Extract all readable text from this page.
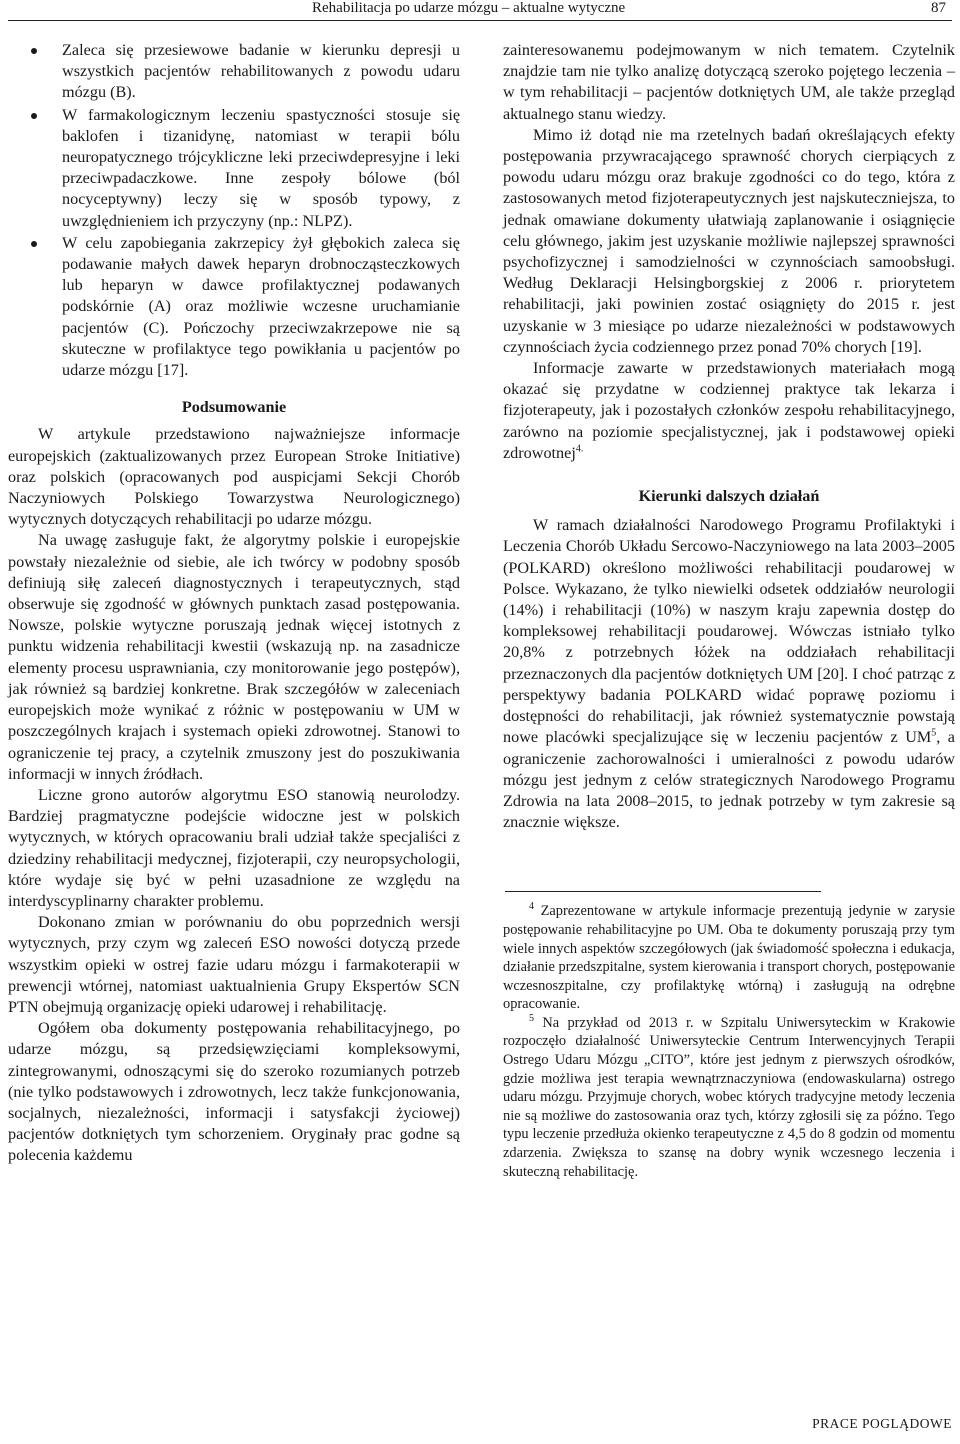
Rehabilitacja po udarze mózgu – aktualne wytyczne	87
Zaleca się przesiewowe badanie w kierunku depresji u wszystkich pacjentów rehabilitowanych z powodu udaru mózgu (B).
W farmakologicznym leczeniu spastyczności stosuje się baklofen i tizanidynę, natomiast w terapii bólu neuropatycznego trójcykliczne leki przeciwdepresyjne i leki przeciwpadaczkowe. Inne zespoły bólowe (ból nocyceptywny) leczy się w sposób typowy, z uwzględnieniem ich przyczyny (np.: NLPZ).
W celu zapobiegania zakrzepicy żył głębokich zaleca się podawanie małych dawek heparyn drobnocząsteczkowych lub heparyn w dawce profilaktycznej podawanych podskórnie (A) oraz możliwie wczesne uruchamianie pacjentów (C). Pończochy przeciwzakrzepowe nie są skuteczne w profilaktyce tego powikłania u pacjentów po udarze mózgu [17].
Podsumowanie

W artykule przedstawiono najważniejsze informacje europejskich (zaktualizowanych przez European Stroke Initiative) oraz polskich (opracowanych pod auspicjami Sekcji Chorób Naczyniowych Polskiego Towarzystwa Neurologicznego) wytycznych dotyczących rehabilitacji po udarze mózgu.

Na uwagę zasługuje fakt, że algorytmy polskie i europejskie powstały niezależnie od siebie, ale ich twórcy w podobny sposób definiują siłę zaleceń diagnostycznych i terapeutycznych, stąd obserwuje się zgodność w głównych punktach zasad postępowania. Nowsze, polskie wytyczne poruszają jednak więcej istotnych z punktu widzenia rehabilitacji kwestii (wskazują np. na zasadnicze elementy procesu usprawniania, czy monitorowanie jego postępów), jak również są bardziej konkretne. Brak szczegółów w zaleceniach europejskich może wynikać z różnic w postępowaniu w UM w poszczególnych krajach i systemach opieki zdrowotnej. Stanowi to ograniczenie tej pracy, a czytelnik zmuszony jest do poszukiwania informacji w innych źródłach.

Liczne grono autorów algorytmu ESO stanowią neurolodzy. Bardziej pragmatyczne podejście widoczne jest w polskich wytycznych, w których opracowaniu brali udział także specjaliści z dziedziny rehabilitacji medycznej, fizjoterapii, czy neuropsychologii, które wydaje się być w pełni uzasadnione ze względu na interdyscyplinarny charakter problemu.

Dokonano zmian w porównaniu do obu poprzednich wersji wytycznych, przy czym wg zaleceń ESO nowości dotyczą przede wszystkim opieki w ostrej fazie udaru mózgu i farmakoterapii w prewencji wtórnej, natomiast uaktualnienia Grupy Ekspertów SCN PTN obejmują organizację opieki udarowej i rehabilitację.

Ogółem oba dokumenty postępowania rehabilitacyjnego, po udarze mózgu, są przedsięwzięciami kompleksowymi, zintegrowanymi, odnoszącymi się do szeroko rozumianych potrzeb (nie tylko podstawowych i zdrowotnych, lecz także funkcjonowania, socjalnych, niezależności, informacji i satysfakcji życiowej) pacjentów dotkniętych tym schorzeniem. Oryginały prac godne są polecenia każdemu

zainteresowanemu podejmowanym w nich tematem. Czytelnik znajdzie tam nie tylko analizę dotyczącą szeroko pojętego leczenia – w tym rehabilitacji – pacjentów dotkniętych UM, ale także przegląd aktualnego stanu wiedzy.

Mimo iż dotąd nie ma rzetelnych badań określających efekty postępowania przywracającego sprawność chorych cierpiących z powodu udaru mózgu oraz brakuje zgodności co do tego, która z zastosowanych metod fizjoterapeutycznych jest najskuteczniejsza, to jednak omawiane dokumenty ułatwiają zaplanowanie i osiągnięcie celu głównego, jakim jest uzyskanie możliwie najlepszej sprawności psychofizycznej i samodzielności w czynnościach samoobsługi. Według Deklaracji Helsingborgskiej z 2006 r. priorytetem rehabilitacji, jaki powinien zostać osiągnięty do 2015 r. jest uzyskanie w 3 miesiące po udarze niezależności w podstawowych czynnościach życia codziennego przez ponad 70% chorych [19].

Informacje zawarte w przedstawionych materiałach mogą okazać się przydatne w codziennej praktyce tak lekarza i fizjoterapeuty, jak i pozostałych członków zespołu rehabilitacyjnego, zarówno na poziomie specjalistycznej, jak i podstawowej opieki zdrowotnej$^{4.}$

Kierunki dalszych działań

W ramach działalności Narodowego Programu Profilaktyki i Leczenia Chorób Układu Sercowo-Naczyniowego na lata 2003–2005 (POLKARD) określono możliwości rehabilitacji poudarowej w Polsce. Wykazano, że tylko niewielki odsetek oddziałów neurologii (14%) i rehabilitacji (10%) w naszym kraju zapewnia dostęp do kompleksowej rehabilitacji poudarowej. Wówczas istniało tylko 20,8% z potrzebnych łóżek na oddziałach rehabilitacji przeznaczonych dla pacjentów dotkniętych UM [20]. I choć patrząc z perspektywy badania POLKARD widać poprawę poziomu i dostępności do rehabilitacji, jak również systematycznie powstają nowe placówki specjalizujące się w leczeniu pacjentów z $UM^5$, a ograniczenie zachorowalności i umieralności z powodu udarów mózgu jest jednym z celów strategicznych Narodowego Programu Zdrowia na lata 2008–2015, to jednak potrzeby w tym zakresie są znacznie większe.

$^4$ Zaprezentowane w artykule informacje prezentują jedynie w zarysie postępowanie rehabilitacyjne po UM. Oba te dokumenty poruszają przy tym wiele innych aspektów szczegółowych (jak świadomość społeczna i edukacja, działanie przedszpitalne, system kierowania i transport chorych, postępowanie wczesnoszpitalne, czy profilaktykę wtórną) i zasługują na odrębne opracowanie.

$^5$ Na przykład od 2013 r. w Szpitalu Uniwersyteckim w Krakowie rozpoczęło działalność Uniwersyteckie Centrum Interwencyjnych Terapii Ostrego Udaru Mózgu „CITO”, które jest jednym z pierwszych ośrodków, gdzie możliwa jest terapia wewnątrznaczyniowa (endowaskularna) ostrego udaru mózgu. Przyjmuje chorych, wobec których tradycyjne metody leczenia nie są możliwe do zastosowania oraz tych, którzy zgłosili się za późno. Tego typu leczenie przedłuża okienko terapeutyczne z 4,5 do 8 godzin od momentu zdarzenia. Zwiększa to szansę na dobry wynik wczesnego leczenia i skuteczną rehabilitację.

PRACE POGLĄDOWE
